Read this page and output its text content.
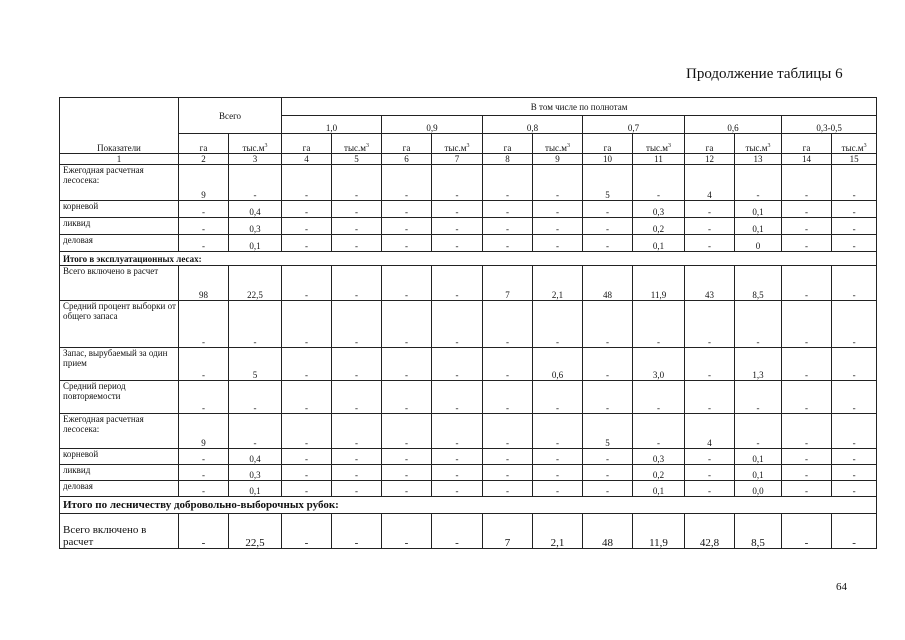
Продолжение таблицы 6
Показатели	Всего		В том числе по полнотам											
			1,0		0,9		0,8		0,7		0,6		0,3-0,5	
	га	$тыс.м^3$	га	$тыс.м^3$	га	$тыс.м^3$	га	$тыс.м^3$	га	$тыс.м^3$	га	$тыс.м^3$	га	$тыс.м^3$
1	2	3	4	5	6	7	8	9	10	11	12	13	14	15
Ежегодная расчетная лесосека:	9	-	-	-	-	-	-	-	5	-	4	-	-	-
корневой	-	0,4	-	-	-	-	-	-	-	0,3	-	0,1	-	-
ликвид	-	0,3	-	-	-	-	-	-	-	0,2	-	0,1	-	-
деловая	-	0,1	-	-	-	-	-	-	-	0,1	-	0	-	-
Итого в эксплуатационных лесах:														
Всего включено в расчет	98	22,5	-	-	-	-	7	2,1	48	11,9	43	8,5	-	-
Средний процент выборки от общего запаса	-	-	-	-	-	-	-	-	-	-	-	-	-	-
Запас, вырубаемый за один прием	-	5	-	-	-	-	-	0,6	-	3,0	-	1,3	-	-
Средний период повторяемости	-	-	-	-	-	-	-	-	-	-	-	-	-	-
Ежегодная расчетная лесосека:	9	-	-	-	-	-	-	-	5	-	4	-	-	-
корневой	-	0,4	-	-	-	-	-	-	-	0,3	-	0,1	-	-
ликвид	-	0,3	-	-	-	-	-	-	-	0,2	-	0,1	-	-
деловая	-	0,1	-	-	-	-	-	-	-	0,1	-	0,0	-	-
Итого по лесничеству добровольно-выборочных рубок:														
Всего включено в расчет	-	22,5	-	-	-	-	7	2,1	48	11,9	42,8	8,5	-	-
64
